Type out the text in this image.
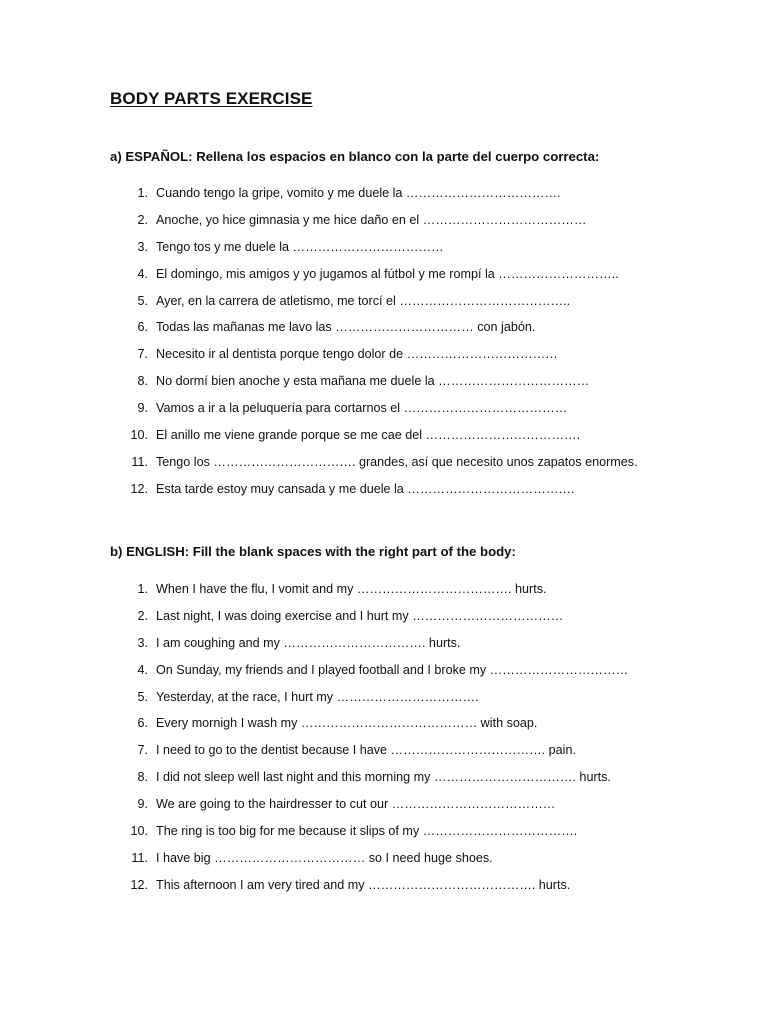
BODY PARTS EXERCISE

a) ESPAÑOL: Rellena los espacios en blanco con la parte del cuerpo correcta:

1. Cuando tengo la gripe, vomito y me duele la ……………………………….
2. Anoche, yo hice gimnasia y me hice daño en el …………………………………
3. Tengo tos y me duele la ………………………………
4. El domingo, mis amigos y yo jugamos al fútbol y me rompí la ………………………..
5. Ayer, en la carrera de atletismo, me torcí el …………………………………..
6. Todas las mañanas me lavo las …………………………… con jabón.
7. Necesito ir al dentista porque tengo dolor de ………………………………
8. No dormí bien anoche y esta mañana me duele la ………………………………
9. Vamos a ir a la peluquería para cortarnos el …………………………………
10. El anillo me viene grande porque se me cae del ……………………………….
11. Tengo los ……………………………. grandes, así que necesito unos zapatos enormes.
12. Esta tarde estoy muy cansada y me duele la ………………………………….

b) ENGLISH: Fill the blank spaces with the right part of the body:

1. When I have the flu, I vomit and my ………………………………. hurts.
2. Last night, I was doing exercise and I hurt my ………………………………
3. I am coughing and my ……………………………. hurts.
4. On Sunday, my friends and I played football and I broke my ……………………………
5. Yesterday, at the race, I hurt my …………………………….
6. Every mornigh I wash my …………………………………… with soap.
7. I need to go to the dentist because I have ………………………………. pain.
8. I did not sleep well last night and this morning my ……………………………. hurts.
9. We are going to the hairdresser to cut our …………………………………
10. The ring is too big for me because it slips of my ……………………………….
11. I have big ……………………………… so I need huge shoes.
12. This afternoon I am very tired and my …………………………………. hurts.
